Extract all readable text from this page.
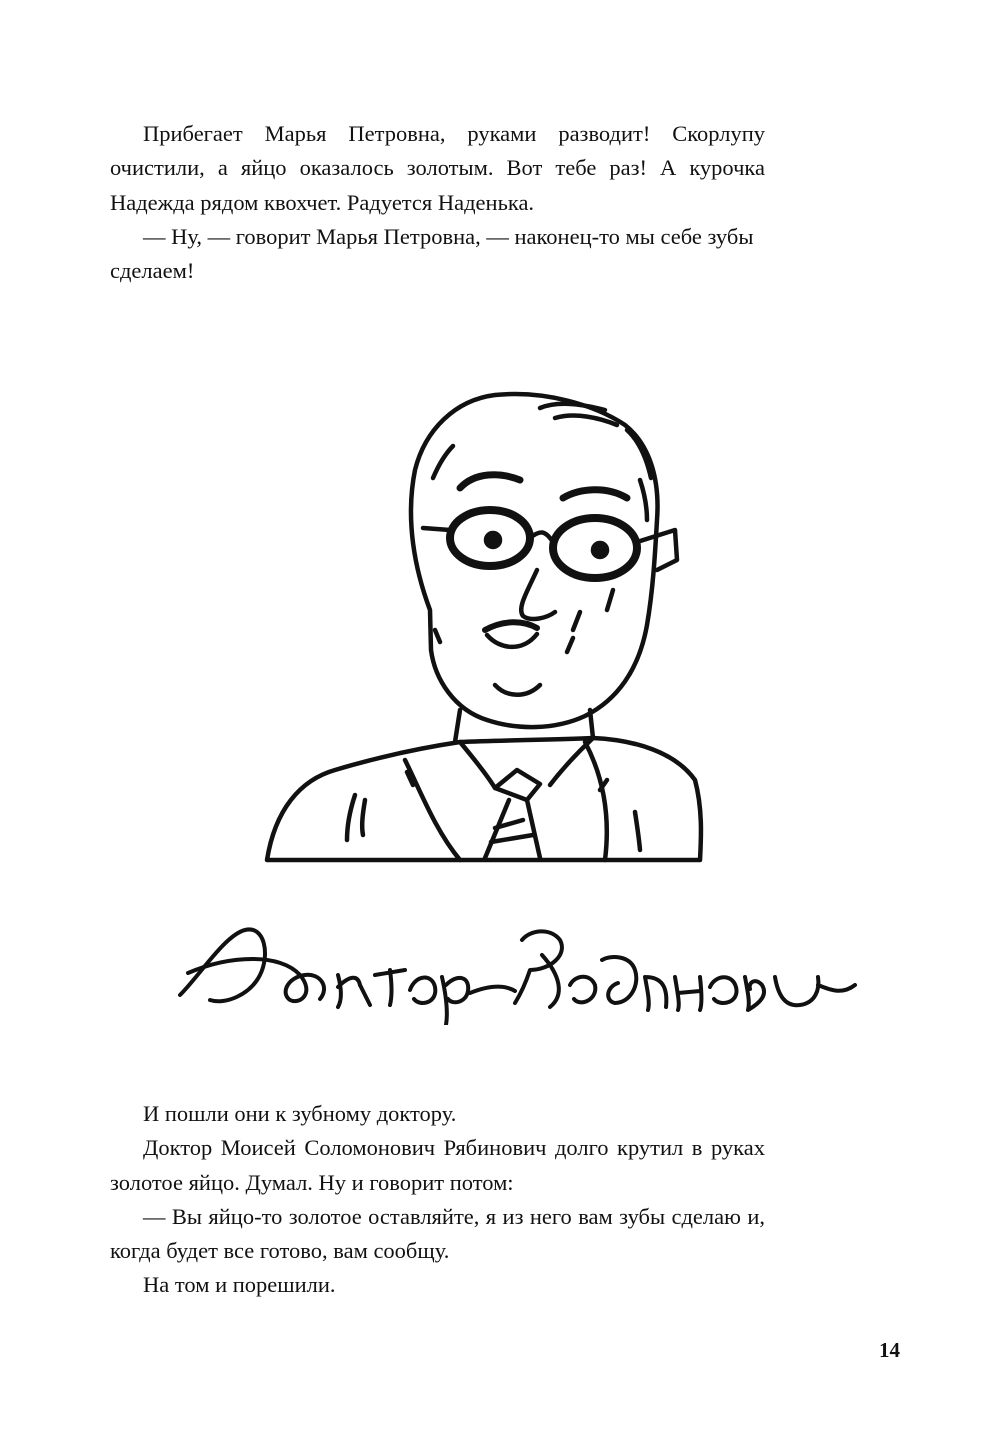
Прибегает Марья Петровна, руками разводит! Скорлупу очистили, а яйцо оказалось золотым. Вот тебе раз! А курочка Надежда рядом квохчет. Радуется Наденька.

— Ну, — говорит Марья Петровна, — наконец-то мы себе зубы сделаем!

И пошли они к зубному доктору.

Доктор Моисей Соломонович Рябинович долго крутил в руках золотое яйцо. Думал. Ну и говорит потом:

— Вы яйцо-то золотое оставляйте, я из него вам зубы сделаю и, когда будет все готово, вам сообщу.

На том и порешили.

14
